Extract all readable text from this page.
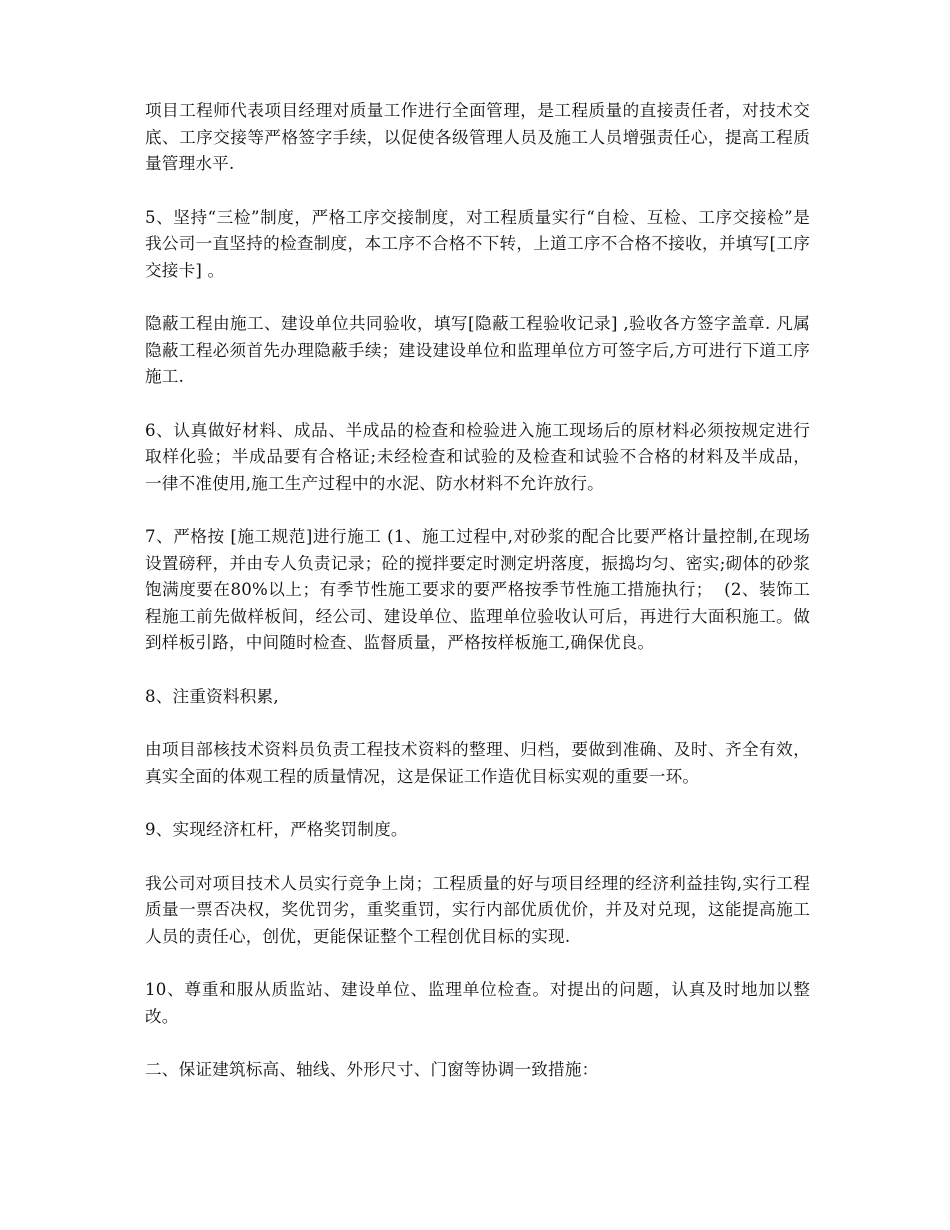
项目工程师代表项目经理对质量工作进行全面管理，是工程质量的直接责任者，对技术交底、工序交接等严格签字手续，以促使各级管理人员及施工人员增强责任心，提高工程质量管理水平.

5、坚持“三检”制度，严格工序交接制度，对工程质量实行“自检、互检、工序交接检”是我公司一直坚持的检查制度，本工序不合格不下转，上道工序不合格不接收，并填写[工序交接卡] 。

隐蔽工程由施工、建设单位共同验收，填写[隐蔽工程验收记录] ,验收各方签字盖章. 凡属隐蔽工程必须首先办理隐蔽手续；建设建设单位和监理单位方可签字后,方可进行下道工序施工.

6、认真做好材料、成品、半成品的检查和检验进入施工现场后的原材料必须按规定进行取样化验；半成品要有合格证;未经检查和试验的及检查和试验不合格的材料及半成品，    一律不准使用,施工生产过程中的水泥、防水材料不允许放行。

7、严格按 [施工规范]进行施工 (1、施工过程中,对砂浆的配合比要严格计量控制,在现场设置磅秤，并由专人负责记录；砼的搅拌要定时测定坍落度，振捣均匀、密实;砌体的砂浆饱满度要在80%以上；有季节性施工要求的要严格按季节性施工措施执行；  (2、装饰工程施工前先做样板间，经公司、建设单位、监理单位验收认可后，再进行大面积施工。做到样板引路，中间随时检查、监督质量，严格按样板施工,确保优良。

8、注重资料积累,

由项目部核技术资料员负责工程技术资料的整理、归档，要做到准确、及时、齐全有效，真实全面的体观工程的质量情况，这是保证工作造优目标实观的重要一环。

9、实现经济杠杆，严格奖罚制度。

我公司对项目技术人员实行竞争上岗；工程质量的好与项目经理的经济利益挂钩,实行工程质量一票否决权，奖优罚劣，重奖重罚，实行内部优质优价，并及对兑现，这能提高施工人员的责任心，创优，更能保证整个工程创优目标的实现.

10、尊重和服从质监站、建设单位、监理单位检查。对提出的问题，认真及时地加以整改。

二、保证建筑标高、轴线、外形尺寸、门窗等协调一致措施：
